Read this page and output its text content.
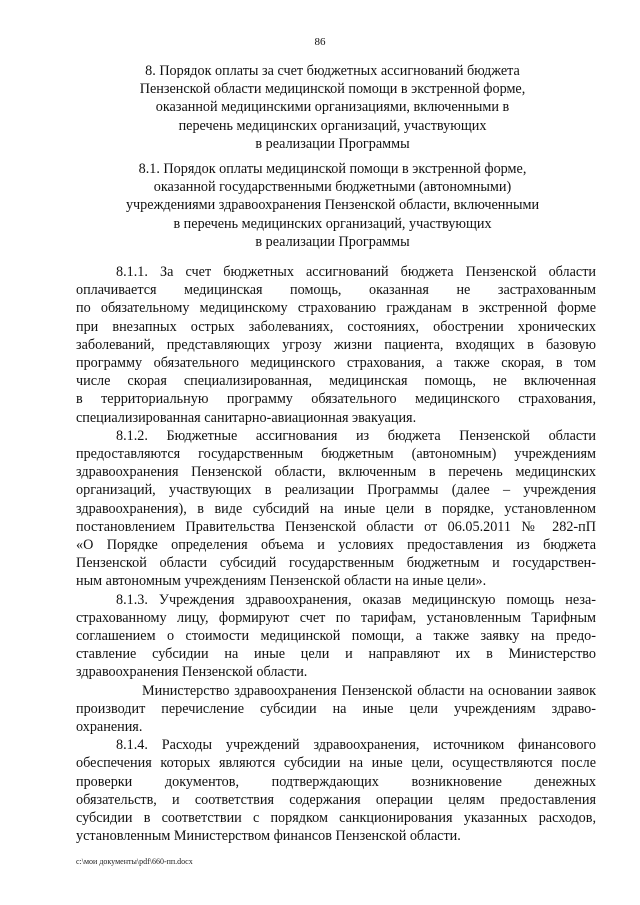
86
8. Порядок оплаты за счет бюджетных ассигнований бюджета
Пензенской области медицинской помощи в экстренной форме,
оказанной медицинскими организациями, включенными в
перечень медицинских организаций, участвующих
в реализации Программы
8.1. Порядок оплаты медицинской помощи в экстренной форме,
оказанной государственными бюджетными (автономными)
учреждениями здравоохранения Пензенской области, включенными
в перечень медицинских организаций, участвующих
в реализации Программы
8.1.1. За счет бюджетных ассигнований бюджета Пензенской области
оплачивается медицинская помощь, оказанная не застрахованным
по обязательному медицинскому страхованию гражданам в экстренной форме
при внезапных острых заболеваниях, состояниях, обострении хронических
заболеваний, представляющих угрозу жизни пациента, входящих в базовую
программу обязательного медицинского страхования, а также скорая, в том
числе скорая специализированная, медицинская помощь, не включенная
в территориальную программу обязательного медицинского страхования,
специализированная санитарно-авиационная эвакуация.
8.1.2. Бюджетные ассигнования из бюджета Пензенской области
предоставляются государственным бюджетным (автономным) учреждениям
здравоохранения Пензенской области, включенным в перечень медицинских
организаций, участвующих в реализации Программы (далее – учреждения
здравоохранения), в виде субсидий на иные цели в порядке, установленном
постановлением Правительства Пензенской области от 06.05.2011 № 282-пП
«О Порядке определения объема и условиях предоставления из бюджета
Пензенской области субсидий государственным бюджетным и государствен-
ным автономным учреждениям Пензенской области на иные цели».
8.1.3. Учреждения здравоохранения, оказав медицинскую помощь неза-
страхованному лицу, формируют счет по тарифам, установленным Тарифным
соглашением о стоимости медицинской помощи, а также заявку на предо-
ставление субсидии на иные цели и направляют их в Министерство
здравоохранения Пензенской области.
Министерство здравоохранения Пензенской области на основании заявок
производит перечисление субсидии на иные цели учреждениям здраво-
охранения.
8.1.4. Расходы учреждений здравоохранения, источником финансового
обеспечения которых являются субсидии на иные цели, осуществляются после
проверки документов, подтверждающих возникновение денежных
обязательств, и соответствия содержания операции целям предоставления
субсидии в соответствии с порядком санкционирования указанных расходов,
установленным Министерством финансов Пензенской области.
c:\мои документы\pdf\660-пп.docx
